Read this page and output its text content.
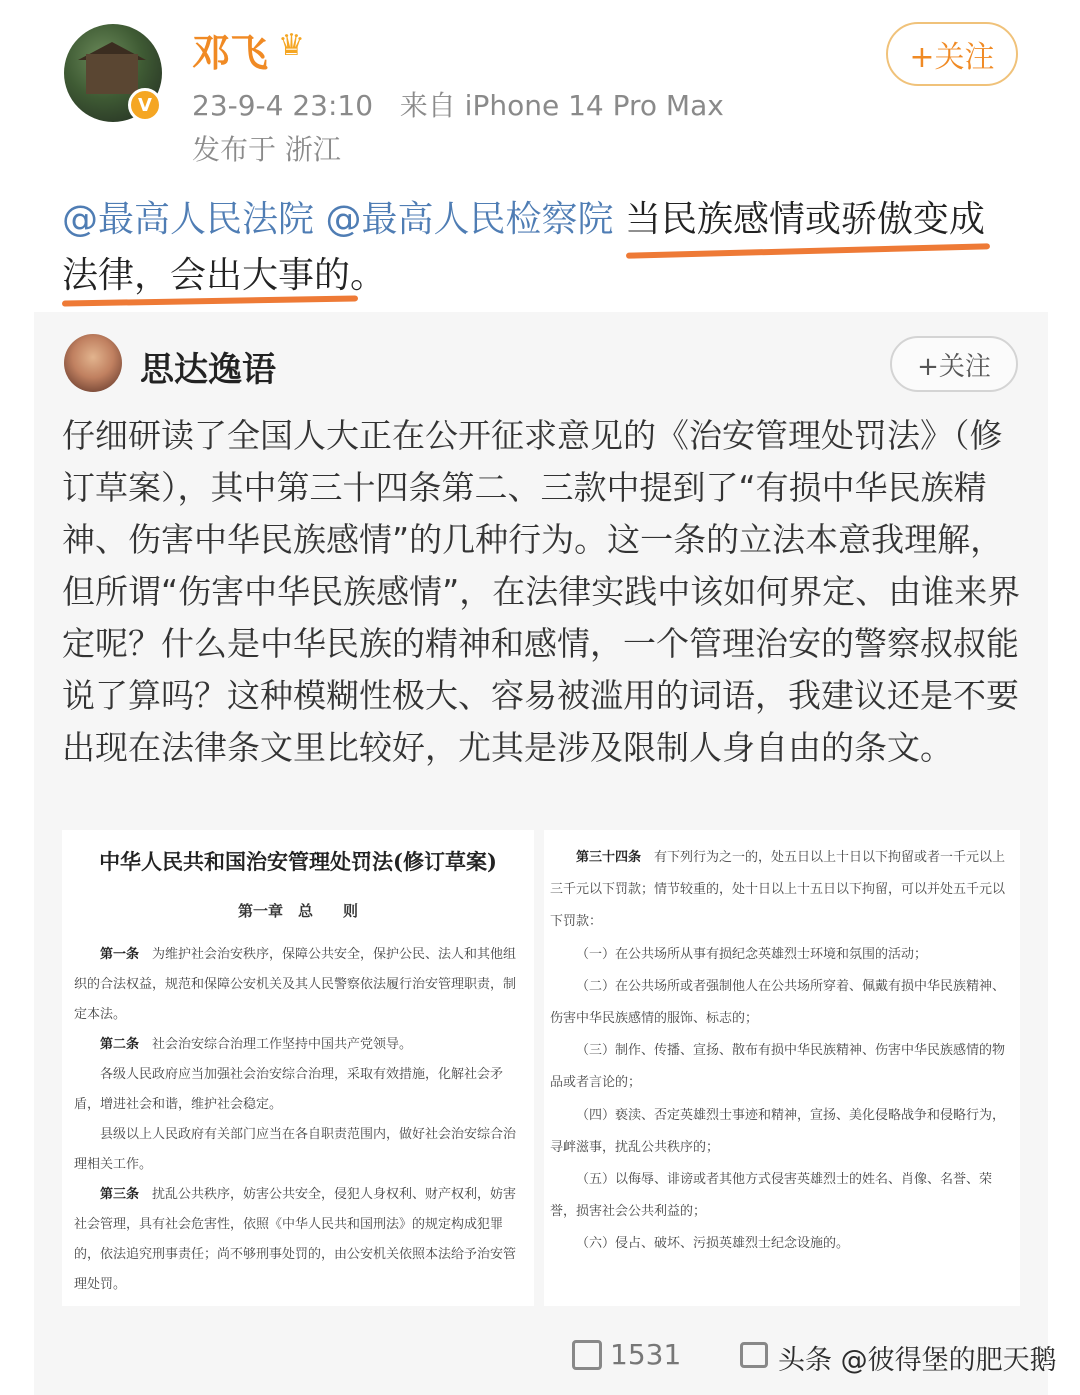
V
邓飞 ♛
23-9-4 23:10 来自 iPhone 14 Pro Max
发布于 浙江
+关注
@最高人民法院 @最高人民检察院 当民族感情或骄傲变成
法律，会出大事的。
思达逸语	+关注
仔细研读了全国人大正在公开征求意见的《治安管理处罚法》（修订草案），其中第三十四条第二、三款中提到了“有损中华民族精神、伤害中华民族感情”的几种行为。这一条的立法本意我理解，但所谓“伤害中华民族感情”，在法律实践中该如何界定、由谁来界定呢？什么是中华民族的精神和感情，一个管理治安的警察叔叔能说了算吗？这种模糊性极大、容易被滥用的词语，我建议还是不要出现在法律条文里比较好，尤其是涉及限制人身自由的条文。
中华人民共和国治安管理处罚法(修订草案)
第一章　总　　则

第一条　 为维护社会治安秩序，保障公共安全，保护公民、法人和其他组织的合法权益，规范和保障公安机关及其人民警察依法履行治安管理职责，制定本法。

第二条　 社会治安综合治理工作坚持中国共产党领导。

各级人民政府应当加强社会治安综合治理，采取有效措施，化解社会矛盾，增进社会和谐，维护社会稳定。

县级以上人民政府有关部门应当在各自职责范围内，做好社会治安综合治理相关工作。

第三条　 扰乱公共秩序，妨害公共安全，侵犯人身权利、财产权利，妨害社会管理，具有社会危害性，依照《中华人民共和国刑法》的规定构成犯罪的，依法追究刑事责任；尚不够刑事处罚的，由公安机关依照本法给予治安管理处罚。

第三十四条　 有下列行为之一的，处五日以上十日以下拘留或者一千元以上三千元以下罚款；情节较重的，处十日以上十五日以下拘留，可以并处五千元以下罚款：

（一）在公共场所从事有损纪念英雄烈士环境和氛围的活动；

（二）在公共场所或者强制他人在公共场所穿着、佩戴有损中华民族精神、伤害中华民族感情的服饰、标志的；

（三）制作、传播、宣扬、散布有损中华民族精神、伤害中华民族感情的物品或者言论的；

（四）亵渎、否定英雄烈士事迹和精神，宣扬、美化侵略战争和侵略行为，寻衅滋事，扰乱公共秩序的；

（五）以侮辱、诽谤或者其他方式侵害英雄烈士的姓名、肖像、名誉、荣誉，损害社会公共利益的；

（六）侵占、破坏、污损英雄烈士纪念设施的。

1531	头条 @彼得堡的肥天鹅
